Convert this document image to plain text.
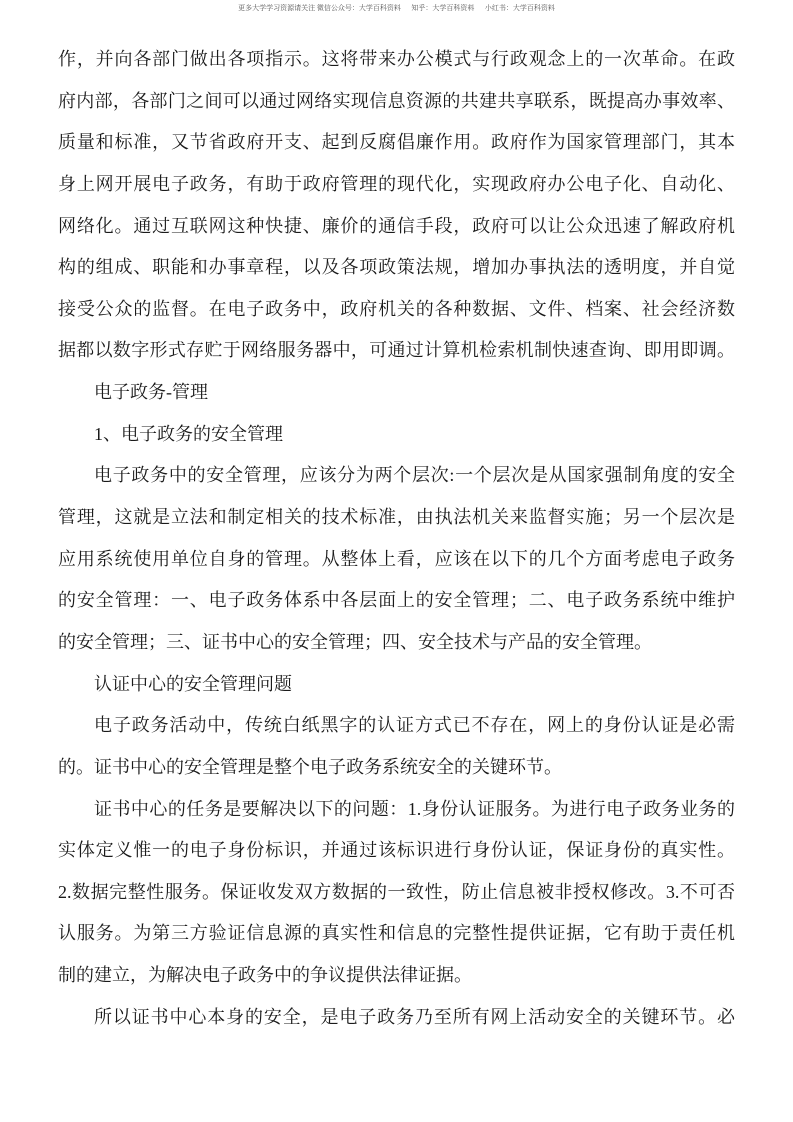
更多大学学习资源请关注 微信公众号：大学百科资料      知乎：大学百科资料      小红书：大学百科资料
作，并向各部门做出各项指示。这将带来办公模式与行政观念上的一次革命。在政
府内部，各部门之间可以通过网络实现信息资源的共建共享联系，既提高办事效率、
质量和标准，又节省政府开支、起到反腐倡廉作用。政府作为国家管理部门，其本
身上网开展电子政务，有助于政府管理的现代化，实现政府办公电子化、自动化、
网络化。通过互联网这种快捷、廉价的通信手段，政府可以让公众迅速了解政府机
构的组成、职能和办事章程，以及各项政策法规，增加办事执法的透明度，并自觉
接受公众的监督。在电子政务中，政府机关的各种数据、文件、档案、社会经济数
据都以数字形式存贮于网络服务器中，可通过计算机检索机制快速查询、即用即调。
电子政务-管理
1、电子政务的安全管理
电子政务中的安全管理，应该分为两个层次:一个层次是从国家强制角度的安全
管理，这就是立法和制定相关的技术标准，由执法机关来监督实施；另一个层次是
应用系统使用单位自身的管理。从整体上看，应该在以下的几个方面考虑电子政务
的安全管理：一、电子政务体系中各层面上的安全管理；二、电子政务系统中维护
的安全管理；三、证书中心的安全管理；四、安全技术与产品的安全管理。
认证中心的安全管理问题
电子政务活动中，传统白纸黑字的认证方式已不存在，网上的身份认证是必需
的。证书中心的安全管理是整个电子政务系统安全的关键环节。
证书中心的任务是要解决以下的问题：1.身份认证服务。为进行电子政务业务的
实体定义惟一的电子身份标识，并通过该标识进行身份认证，保证身份的真实性。
2.数据完整性服务。保证收发双方数据的一致性，防止信息被非授权修改。3.不可否
认服务。为第三方验证信息源的真实性和信息的完整性提供证据，它有助于责任机
制的建立，为解决电子政务中的争议提供法律证据。
所以证书中心本身的安全，是电子政务乃至所有网上活动安全的关键环节。必
